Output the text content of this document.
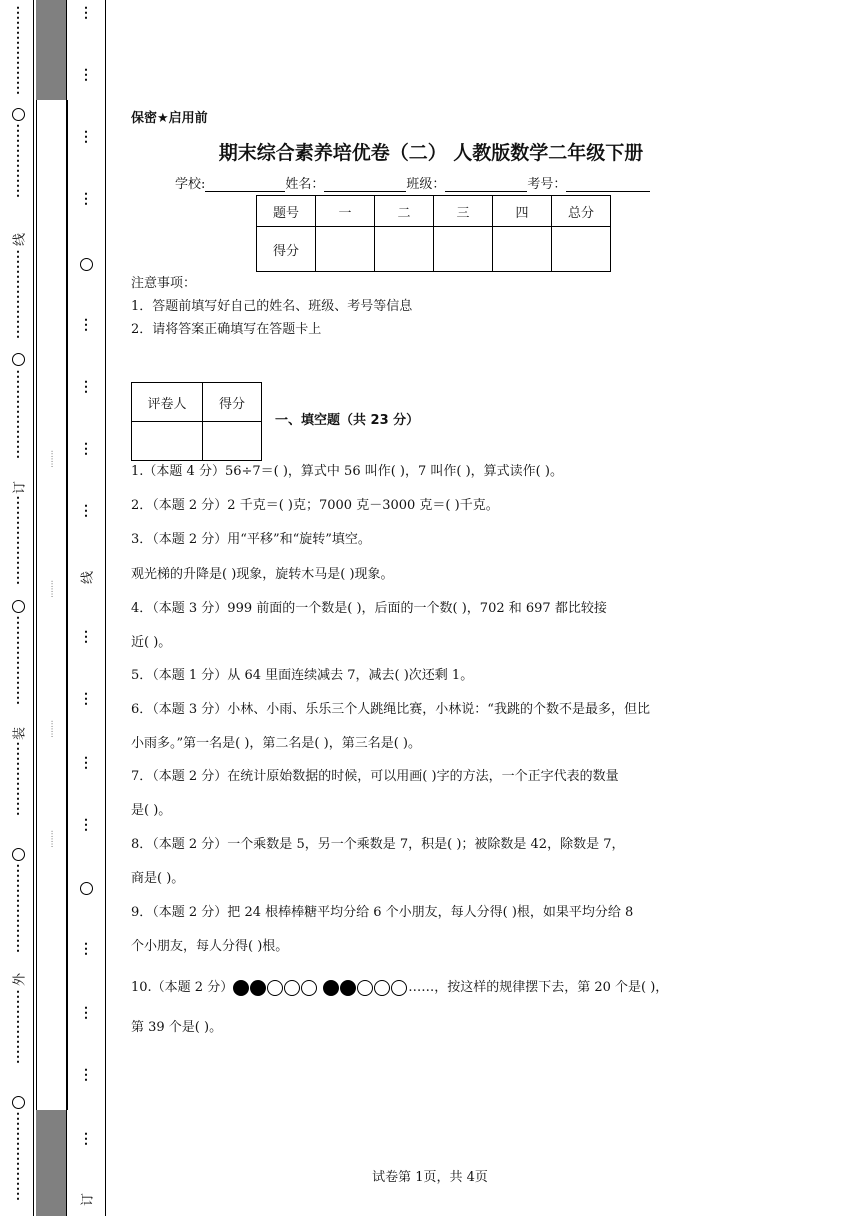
⋮
⋮
⋮
⋮
⋮
⋮
⋮
⋮
⋮
⋮
⋮
线
⋮
⋮
⋮
⋮
⋮
⋮
⋮
⋮
⋮
⋮
⋮
⋮
订
⋮
⋮
⋮
⋮
⋮
⋮
⋮
⋮
⋮
⋮
⋮
⋮
装
⋮
⋮
⋮
⋮
⋮
⋮
⋮
⋮
⋮
⋮
⋮
外
⋮
⋮
⋮
⋮
⋮
⋮
⋮
⋮
⋮
⋮
⋮
·······
·······
·······
·······
⋮
⋮
⋮
⋮
⋮
⋮
⋮
⋮
线
⋮
⋮
⋮
⋮
⋮
⋮
⋮
⋮
订
保密★启用前
期末综合素养培优卷（二） 人教版数学二年级下册
学校:	姓名：	班级：	考号：
题号	一	二	三	四	总分
得分					
注意事项：
1．答题前填写好自己的姓名、班级、考号等信息
2．请将答案正确填写在答题卡上
评卷人	得分

一、填空题（共 23 分）
1.（本题 4 分）56÷7＝( )，算式中 56 叫作( )，7 叫作( )，算式读作( )。
2．（本题 2 分）2 千克＝( )克；7000 克－3000 克＝( )千克。
3．（本题 2 分）用“平移”和“旋转”填空。
观光梯的升降是( )现象，旋转木马是( )现象。
4．（本题 3 分）999 前面的一个数是( )，后面的一个数( )，702 和 697 都比较接
近( )。
5．（本题 1 分）从 64 里面连续减去 7，减去( )次还剩 1。
6．（本题 3 分）小林、小雨、乐乐三个人跳绳比赛，小林说：“我跳的个数不是最多，但比
小雨多。”第一名是( )，第二名是( )，第三名是( )。
7．（本题 2 分）在统计原始数据的时候，可以用画( )字的方法，一个正字代表的数量
是( )。
8．（本题 2 分）一个乘数是 5，另一个乘数是 7，积是( )；被除数是 42，除数是 7，
商是( )。
9．（本题 2 分）把 24 根棒棒糖平均分给 6 个小朋友，每人分得( )根，如果平均分给 8
个小朋友，每人分得( )根。
10.（本题 2 分）	……，按这样的规律摆下去，第 20 个是( )，
第 39 个是( )。
试卷第 1页，共 4页
